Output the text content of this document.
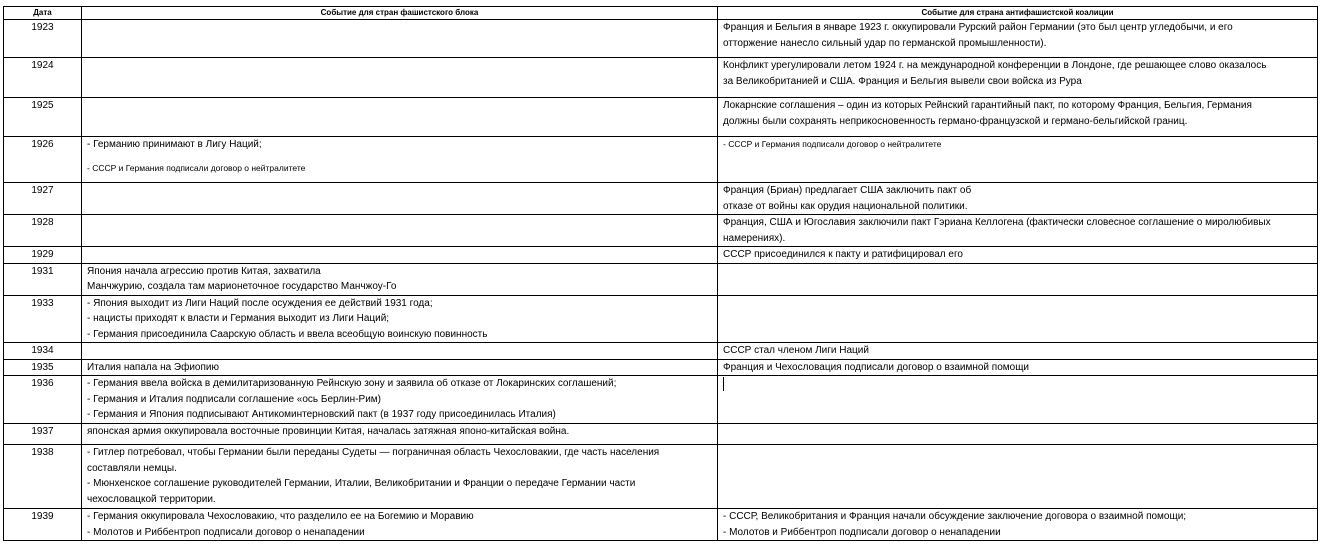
Дата	Событие для стран фашистского блока	Событие для страна антифашистской коалиции
1923		Франция и Бельгия в январе 1923 г. оккупировали Рурский район Германии (это был центр угледобычи, и его
отторжение нанесло сильный удар по германской промышленности).

1924		Конфликт урегулировали летом 1924 г. на международной конференции в Лондоне, где решающее слово оказалось
за Великобританией и США. Франция и Бельгия вывели свои войска из Рура

1925		Локарнские соглашения – один из которых Рейнский гарантийный пакт, по которому Франция, Бельгия, Германия
должны были сохранять неприкосновенность германо-французской и германо-бельгийской границ.

1926	- Германию принимают в Лигу Наций;
- СССР и Германия подписали договор о нейтралитете	- СССР и Германия подписали договор о нейтралитете

1927		Франция (Бриан) предлагает США заключить пакт об
отказе от войны как орудия национальной политики.

1928		Франция, США и Югославия заключили пакт Гэриана Келлогена (фактически словесное соглашение о миролюбивых
намерениях).

1929		СССР присоединился к пакту и ратифицировал его

1931	Япония начала агрессию против Китая, захватила
Манчжурию, создала там марионеточное государство Манчжоу-Го	

1933	- Япония выходит из Лиги Наций после осуждения ее действий 1931 года;
- нацисты приходят к власти и Германия выходит из Лиги Наций;
- Германия присоединила Саарскую область и ввела всеобщую воинскую повинность	

1934		СССР стал членом Лиги Наций

1935	Италия напала на Эфиопию	Франция и Чехословация подписали договор о взаимной помощи

1936	- Германия ввела войска в демилитаризованную Рейнскую зону и заявила об отказе от Локаринских соглашений;
- Германия и Италия подписали соглашение «ось Берлин-Рим)
- Германия и Япония подписывают Антикоминтерновский пакт (в 1937 году присоединилась Италия)	

1937	японская армия оккупировала восточные провинции Китая, началась затяжная японо-китайская война.	

1938	- Гитлер потребовал, чтобы Германии были переданы Судеты — пограничная область Чехословакии, где часть населения
составляли немцы.
- Мюнхенское соглашение руководителей Германии, Италии, Великобритании и Франции о передаче Германии части
чехословацкой территории.	

1939	- Германия оккупировала Чехословакию, что разделило ее на Богемию и Моравию
- Молотов и Риббентроп подписали договор о ненападении	- СССР, Великобритания и Франция начали обсуждение заключение договора о взаимной помощи;
- Молотов и Риббентроп подписали договор о ненападении
